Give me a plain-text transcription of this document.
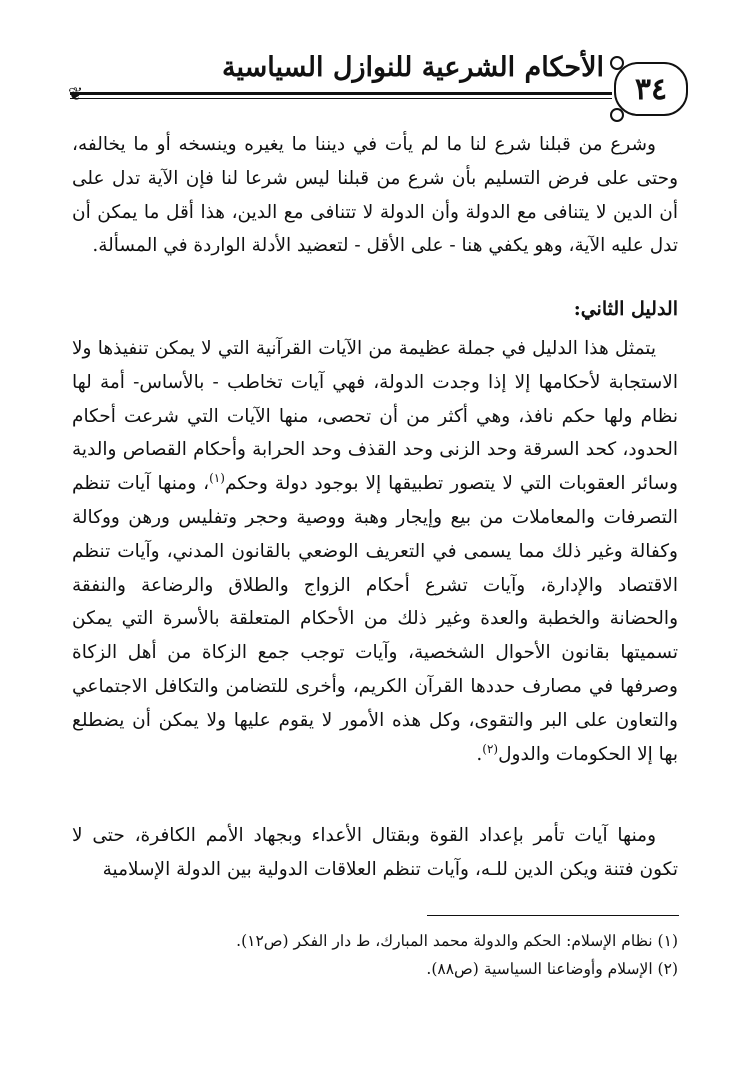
٣٤
الأحكام الشرعية للنوازل السياسية
❦
وشرع من قبلنا شرع لنا ما لم يأت في ديننا ما يغيره وينسخه أو ما يخالفه، وحتى على فرض التسليم بأن شرع من قبلنا ليس شرعا لنا فإن الآية تدل على أن الدين لا يتنافى مع الدولة وأن الدولة لا تتنافى مع الدين، هذا أقل ما يمكن أن تدل عليه الآية، وهو يكفي هنا - على الأقل - لتعضيد الأدلة الواردة في المسألة.
الدليل الثاني:
يتمثل هذا الدليل في جملة عظيمة من الآيات القرآنية التي لا يمكن تنفيذها ولا الاستجابة لأحكامها إلا إذا وجدت الدولة، فهي آيات تخاطب - بالأساس- أمة لها نظام ولها حكم نافذ، وهي أكثر من أن تحصى، منها الآيات التي شرعت أحكام الحدود، كحد السرقة وحد الزنى وحد القذف وحد الحرابة وأحكام القصاص والدية وسائر العقوبات التي لا يتصور تطبيقها إلا بوجود دولة وحكم$^{(١)}$، ومنها آيات تنظم التصرفات والمعاملات من بيع وإيجار وهبة ووصية وحجر وتفليس ورهن ووكالة وكفالة وغير ذلك مما يسمى في التعريف الوضعي بالقانون المدني، وآيات تنظم الاقتصاد والإدارة، وآيات تشرع أحكام الزواج والطلاق والرضاعة والنفقة والحضانة والخطبة والعدة وغير ذلك من الأحكام المتعلقة بالأسرة التي يمكن تسميتها بقانون الأحوال الشخصية، وآيات توجب جمع الزكاة من أهل الزكاة وصرفها في مصارف حددها القرآن الكريم، وأخرى للتضامن والتكافل الاجتماعي والتعاون على البر والتقوى، وكل هذه الأمور لا يقوم عليها ولا يمكن أن يضطلع بها إلا الحكومات والدول$^{(٢)}$.
ومنها آيات تأمر بإعداد القوة وبقتال الأعداء وبجهاد الأمم الكافرة، حتى لا تكون فتنة ويكن الدين للـه، وآيات تنظم العلاقات الدولية بين الدولة الإسلامية
(١) نظام الإسلام: الحكم والدولة محمد المبارك، ط دار الفكر (ص١٢).
(٢) الإسلام وأوضاعنا السياسية (ص٨٨).
